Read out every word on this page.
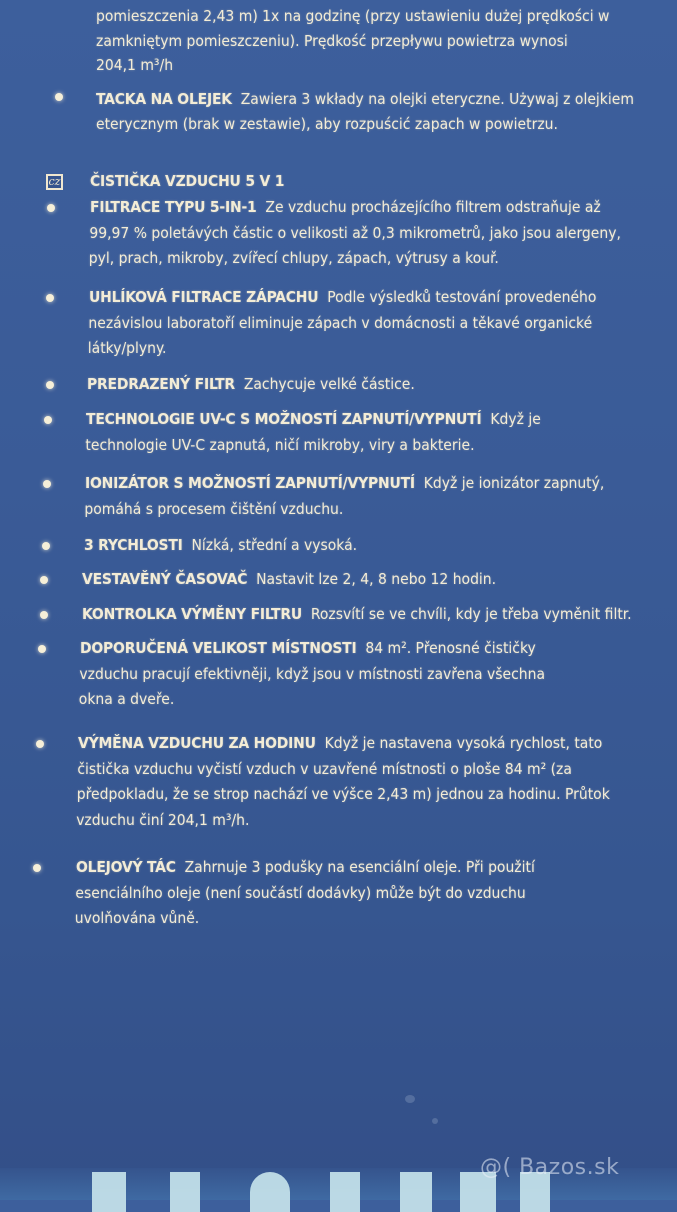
pomieszczenia 2,43 m) 1x na godzinę (przy ustawieniu dużej prędkości w
zamkniętym pomieszczeniu). Prędkość przepływu powietrza wynosi
204,1 m³/h
TACKA NA OLEJEK Zawiera 3 wkłady na olejki eteryczne. Używaj z olejkiem
eterycznym (brak w zestawie), aby rozpuścić zapach w powietrzu.
cz ČISTIČKA VZDUCHU 5 V 1
FILTRACE TYPU 5-IN-1 Ze vzduchu procházejícího filtrem odstraňuje až
99,97 % poletávých částic o velikosti až 0,3 mikrometrů, jako jsou alergeny,
pyl, prach, mikroby, zvířecí chlupy, zápach, výtrusy a kouř.
UHLÍKOVÁ FILTRACE ZÁPACHU Podle výsledků testování provedeného
nezávislou laboratoří eliminuje zápach v domácnosti a těkavé organické
látky/plyny.
PREDRAZENÝ FILTR Zachycuje velké částice.
TECHNOLOGIE UV-C S MOŽNOSTÍ ZAPNUTÍ/VYPNUTÍ Když je
technologie UV-C zapnutá, ničí mikroby, viry a bakterie.
IONIZÁTOR S MOŽNOSTÍ ZAPNUTÍ/VYPNUTÍ Když je ionizátor zapnutý,
pomáhá s procesem čištění vzduchu.
3 RYCHLOSTI Nízká, střední a vysoká.
VESTAVĚNÝ ČASOVAČ Nastavit lze 2, 4, 8 nebo 12 hodin.
KONTROLKA VÝMĚNY FILTRU Rozsvítí se ve chvíli, kdy je třeba vyměnit filtr.
DOPORUČENÁ VELIKOST MÍSTNOSTI 84 m². Přenosné čističky
vzduchu pracují efektivněji, když jsou v místnosti zavřena všechna
okna a dveře.
VÝMĚNA VZDUCHU ZA HODINU Když je nastavena vysoká rychlost, tato
čistička vzduchu vyčistí vzduch v uzavřené místnosti o ploše 84 m² (za
předpokladu, že se strop nachází ve výšce 2,43 m) jednou za hodinu. Průtok
vzduchu činí 204,1 m³/h.
OLEJOVÝ TÁC Zahrnuje 3 podušky na esenciální oleje. Při použití
esenciálního oleje (není součástí dodávky) může být do vzduchu
uvolňována vůně.
@( Bazos.sk
